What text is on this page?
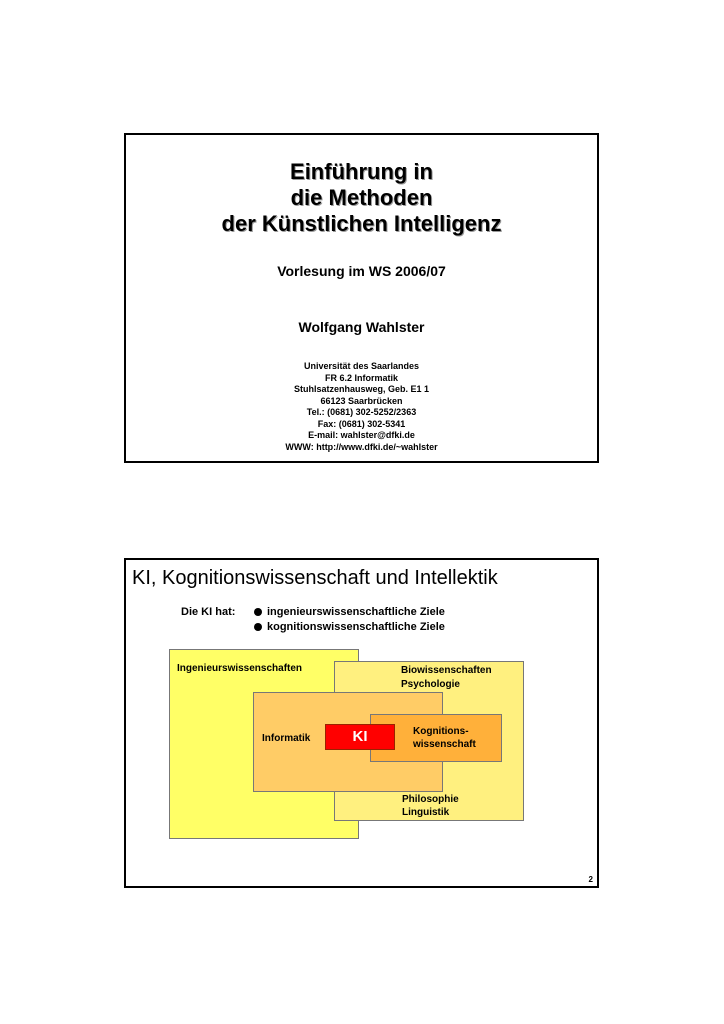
Einführung in
die Methoden
der Künstlichen Intelligenz
Vorlesung im WS 2006/07
Wolfgang Wahlster
Universität des Saarlandes
FR 6.2 Informatik
Stuhlsatzenhausweg, Geb. E1 1
66123 Saarbrücken
Tel.: (0681) 302-5252/2363
Fax: (0681) 302-5341
E-mail: wahlster@dfki.de
WWW: http://www.dfki.de/~wahlster
KI, Kognitionswissenschaft und Intellektik
Die KI hat:	ingenieurswissenschaftliche Ziele
kognitionswissenschaftliche Ziele
Ingenieurswissenschaften	Biowissenschaften
Psychologie
Informatik
Kognitions-
wissenschaft
KI
Philosophie
Linguistik
2
